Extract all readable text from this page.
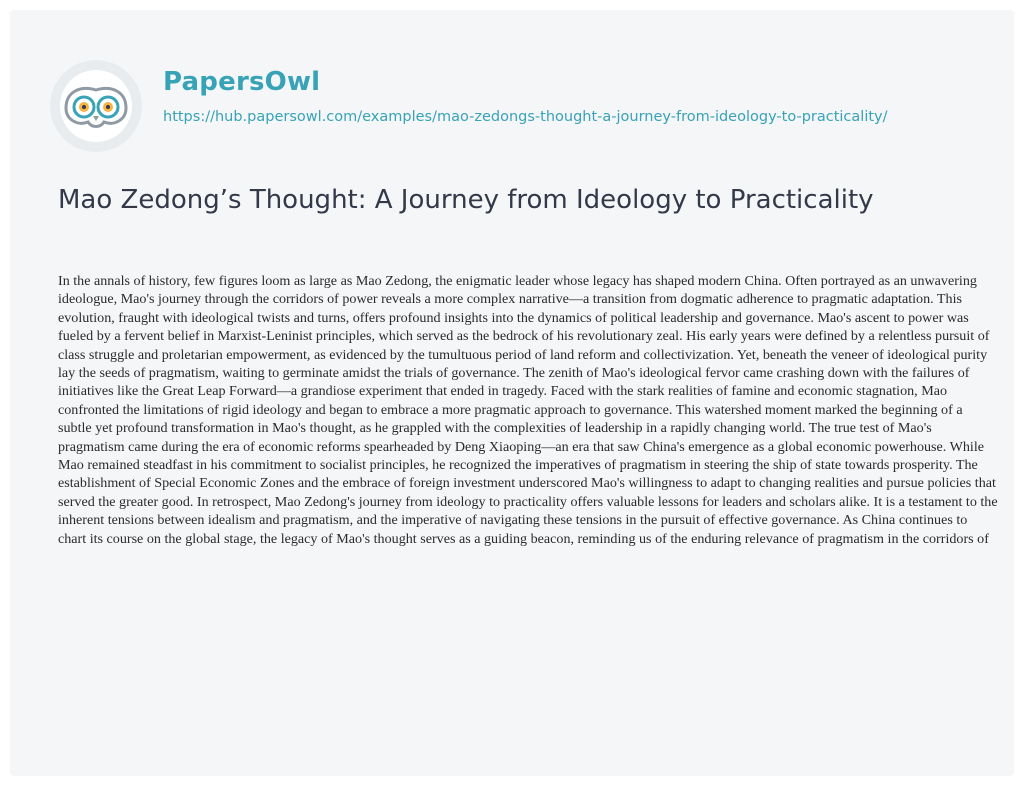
PapersOwl
https://hub.papersowl.com/examples/mao-zedongs-thought-a-journey-from-ideology-to-practicality/
Mao Zedong’s Thought: A Journey from Ideology to Practicality

In the annals of history, few figures loom as large as Mao Zedong, the enigmatic leader whose legacy has shaped modern China. Often portrayed as an unwavering ideologue, Mao's journey through the corridors of power reveals a more complex narrative—a transition from dogmatic adherence to pragmatic adaptation. This evolution, fraught with ideological twists and turns, offers profound insights into the dynamics of political leadership and governance. Mao's ascent to power was fueled by a fervent belief in Marxist-Leninist principles, which served as the bedrock of his revolutionary zeal. His early years were defined by a relentless pursuit of class struggle and proletarian empowerment, as evidenced by the tumultuous period of land reform and collectivization. Yet, beneath the veneer of ideological purity lay the seeds of pragmatism, waiting to germinate amidst the trials of governance. The zenith of Mao's ideological fervor came crashing down with the failures of initiatives like the Great Leap Forward—a grandiose experiment that ended in tragedy. Faced with the stark realities of famine and economic stagnation, Mao confronted the limitations of rigid ideology and began to embrace a more pragmatic approach to governance. This watershed moment marked the beginning of a subtle yet profound transformation in Mao's thought, as he grappled with the complexities of leadership in a rapidly changing world. The true test of Mao's pragmatism came during the era of economic reforms spearheaded by Deng Xiaoping—an era that saw China's emergence as a global economic powerhouse. While Mao remained steadfast in his commitment to socialist principles, he recognized the imperatives of pragmatism in steering the ship of state towards prosperity. The establishment of Special Economic Zones and the embrace of foreign investment underscored Mao's willingness to adapt to changing realities and pursue policies that served the greater good. In retrospect, Mao Zedong's journey from ideology to practicality offers valuable lessons for leaders and scholars alike. It is a testament to the inherent tensions between idealism and pragmatism, and the imperative of navigating these tensions in the pursuit of effective governance. As China continues to chart its course on the global stage, the legacy of Mao's thought serves as a guiding beacon, reminding us of the enduring relevance of pragmatism in the corridors of
